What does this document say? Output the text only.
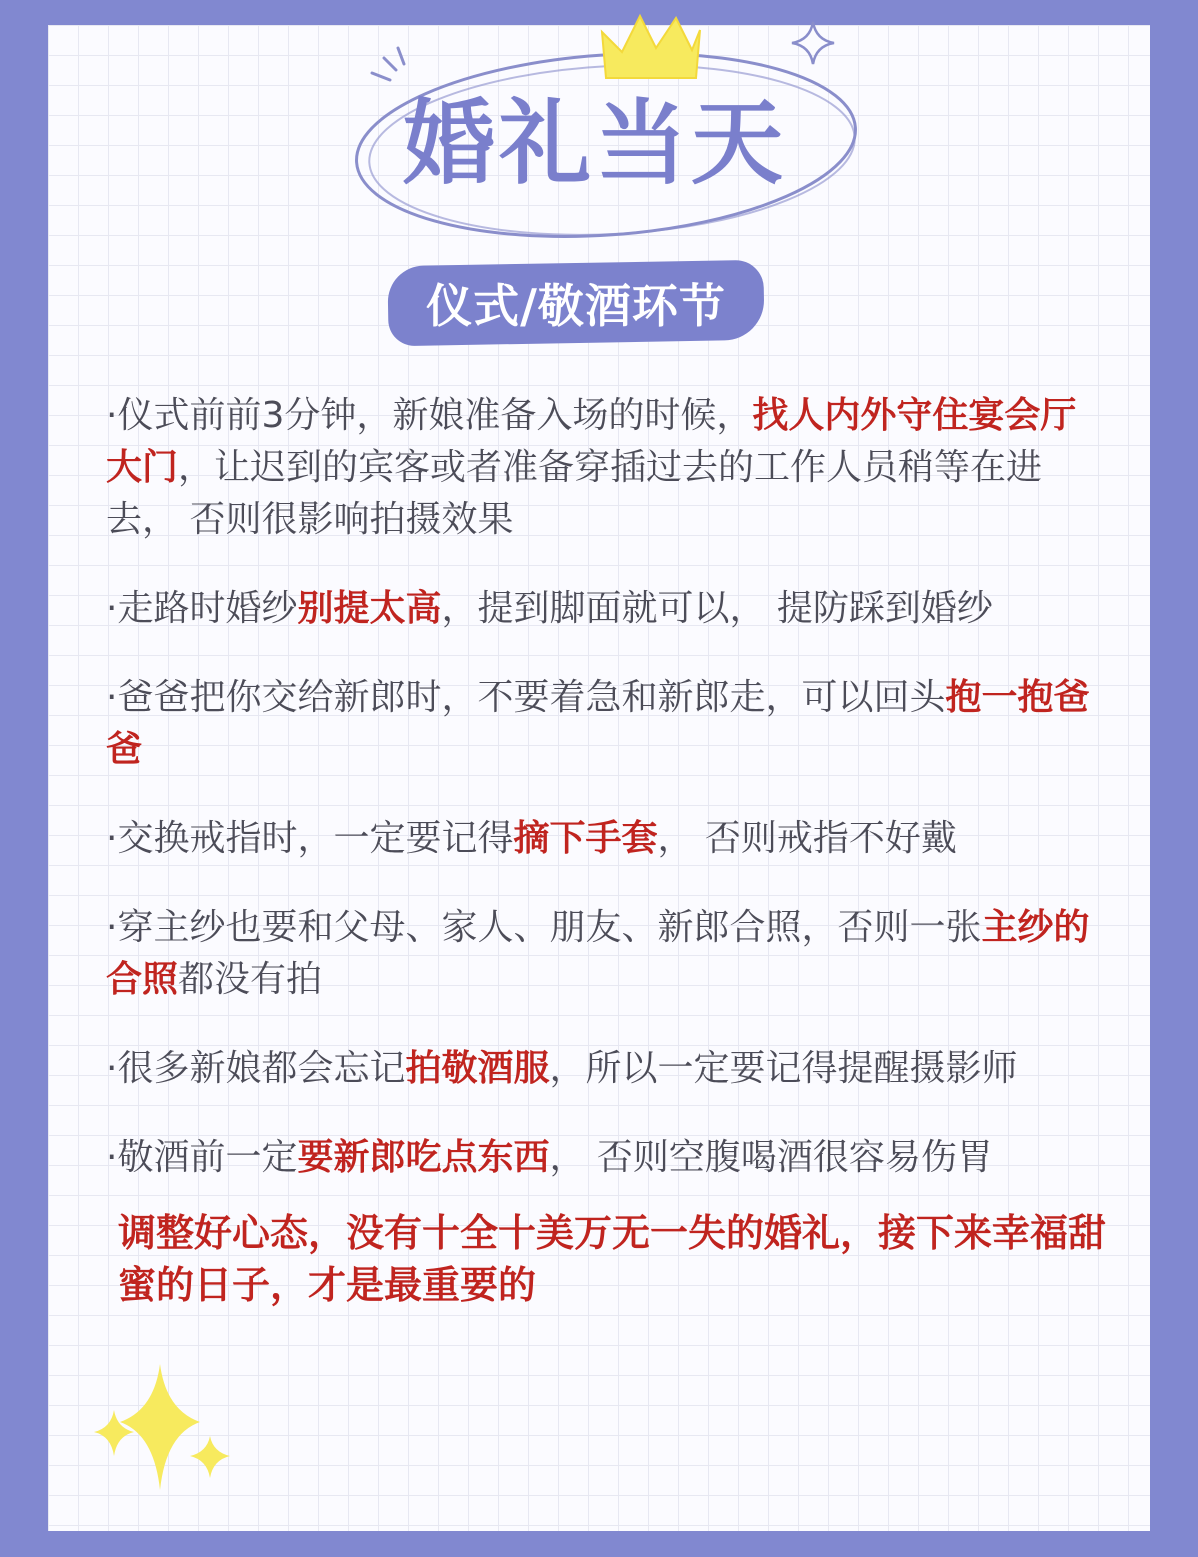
婚礼当天
仪式/敬酒环节

·仪式前前3分钟，新娘准备入场的时候，找人内外守住宴会厅大门，让迟到的宾客或者准备穿插过去的工作人员稍等在进去， 否则很影响拍摄效果

·走路时婚纱别提太高，提到脚面就可以， 提防踩到婚纱

·爸爸把你交给新郎时，不要着急和新郎走，可以回头抱一抱爸爸

·交换戒指时，一定要记得摘下手套， 否则戒指不好戴

·穿主纱也要和父母、家人、朋友、新郎合照，否则一张主纱的合照都没有拍

·很多新娘都会忘记拍敬酒服，所以一定要记得提醒摄影师

·敬酒前一定要新郎吃点东西， 否则空腹喝酒很容易伤胃

调整好心态，没有十全十美万无一失的婚礼，接下来幸福甜蜜的日子，才是最重要的
